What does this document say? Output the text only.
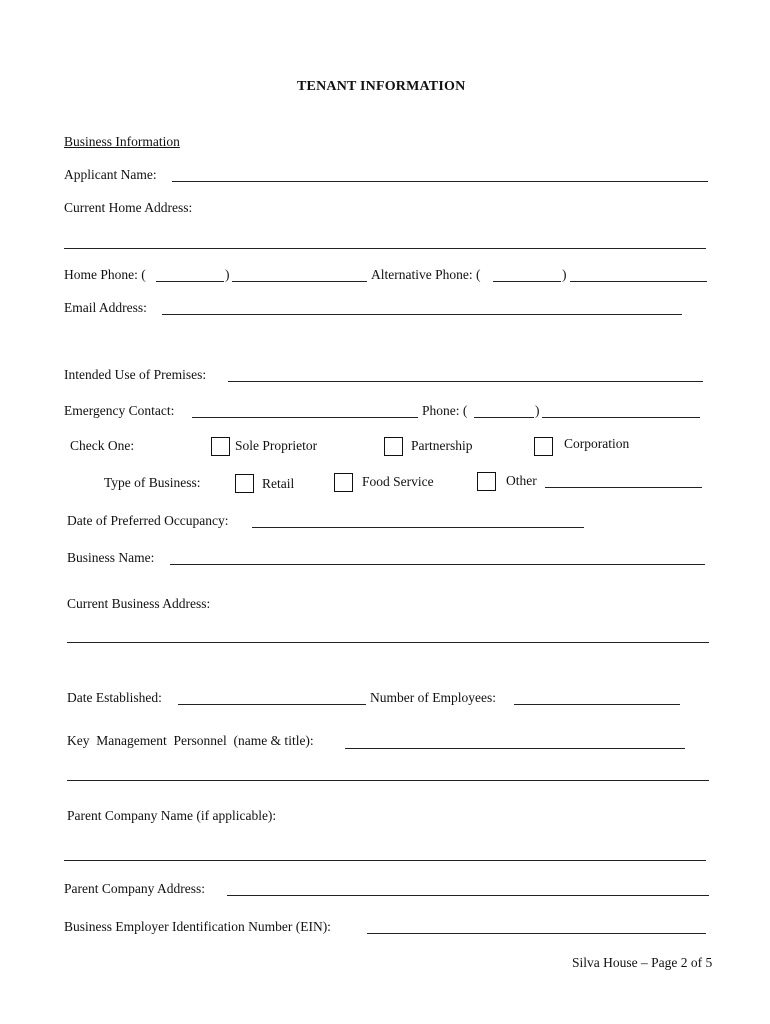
TENANT INFORMATION
Business Information
Applicant Name:
Current Home Address:
Home Phone: (	)	Alternative Phone: (	)
Email Address:
Intended Use of Premises:
Emergency Contact:	Phone: (	)
Check One:	Sole Proprietor	Partnership	Corporation
Type of Business:	Retail	Food Service	Other
Date of Preferred Occupancy:
Business Name:
Current Business Address:
Date Established:	Number of Employees:
Key  Management  Personnel  (name & title):
Parent Company Name (if applicable):
Parent Company Address:
Business Employer Identification Number (EIN):
Silva House – Page 2 of 5
